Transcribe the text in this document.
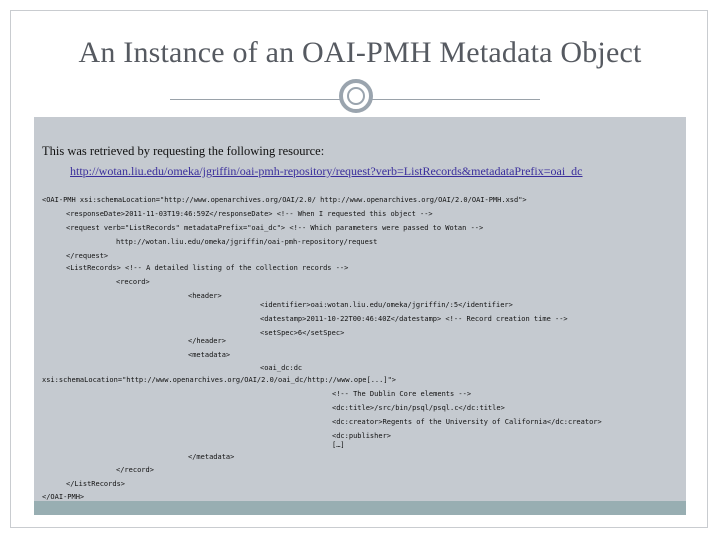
An Instance of an OAI-PMH Metadata Object
This was retrieved by requesting the following resource:
http://wotan.liu.edu/omeka/jgriffin/oai-pmh-repository/request?verb=ListRecords&metadataPrefix=oai_dc
<OAI-PMH xsi:schemaLocation="http://www.openarchives.org/OAI/2.0/ http://www.openarchives.org/OAI/2.0/OAI-PMH.xsd">
<responseDate>2011-11-03T19:46:59Z</responseDate> <!-- When I requested this object -->
<request verb="ListRecords" metadataPrefix="oai_dc"> <!-- Which parameters were passed to Wotan -->
http://wotan.liu.edu/omeka/jgriffin/oai-pmh-repository/request
</request>
<ListRecords> <!-- A detailed listing of the collection records -->
<record>
<header>
<identifier>oai:wotan.liu.edu/omeka/jgriffin/:5</identifier>
<datestamp>2011-10-22T00:46:40Z</datestamp> <!-- Record creation time -->
<setSpec>6</setSpec>
</header>
<metadata>
<oai_dc:dc
xsi:schemaLocation="http://www.openarchives.org/OAI/2.0/oai_dc/http://www.ope[...]">
<!-- The Dublin Core elements -->
<dc:title>/src/bin/psql/psql.c</dc:title>
<dc:creator>Regents of the University of California</dc:creator>
<dc:publisher>
[…]
</metadata>
</record>
</ListRecords>
</OAI-PMH>
